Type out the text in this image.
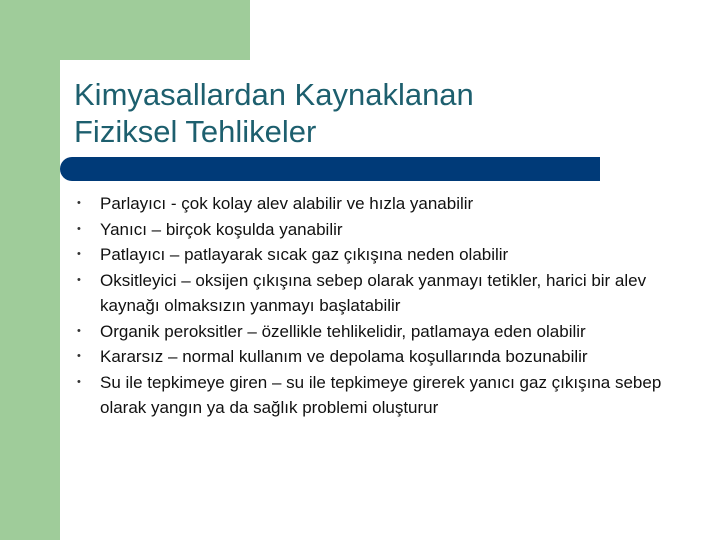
Kimyasallardan Kaynaklanan
Fiziksel Tehlikeler
• Parlayıcı - çok kolay alev alabilir ve hızla yanabilir
• Yanıcı – birçok koşulda yanabilir
• Patlayıcı – patlayarak sıcak gaz çıkışına neden olabilir
• Oksitleyici – oksijen çıkışına sebep olarak yanmayı tetikler, harici bir alev kaynağı olmaksızın yanmayı başlatabilir
• Organik peroksitler – özellikle tehlikelidir, patlamaya eden olabilir
• Kararsız – normal kullanım ve depolama koşullarında bozunabilir
• Su ile tepkimeye giren – su ile tepkimeye girerek yanıcı gaz çıkışına sebep olarak yangın ya da sağlık problemi oluşturur
